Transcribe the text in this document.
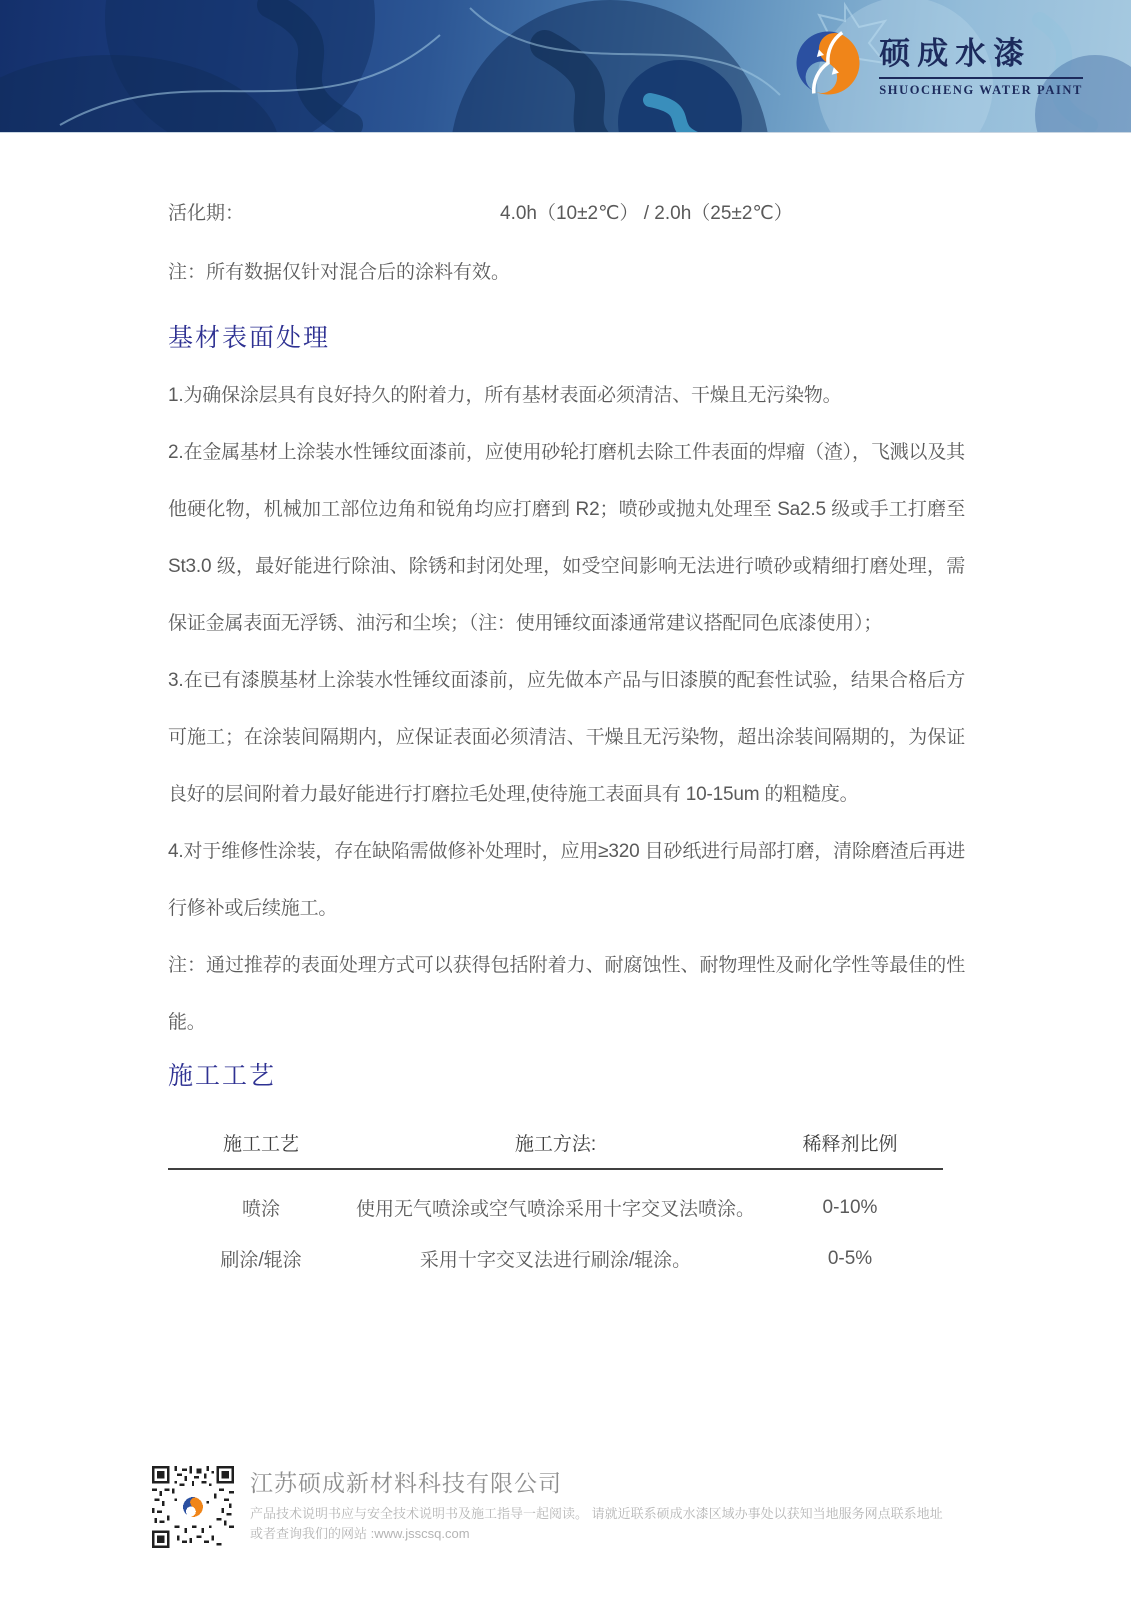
硕成水漆
SHUOCHENG WATER PAINT
活化期：	4.0h（10±2℃） / 2.0h（25±2℃）
注：所有数据仅针对混合后的涂料有效。
基材表面处理

1.为确保涂层具有良好持久的附着力，所有基材表面必须清洁、干燥且无污染物。

2.在金属基材上涂装水性锤纹面漆前，应使用砂轮打磨机去除工件表面的焊瘤（渣），飞溅以及其他硬化物，机械加工部位边角和锐角均应打磨到 R2；喷砂或抛丸处理至 Sa2.5 级或手工打磨至 St3.0 级，最好能进行除油、除锈和封闭处理，如受空间影响无法进行喷砂或精细打磨处理，需保证金属表面无浮锈、油污和尘埃；（注：使用锤纹面漆通常建议搭配同色底漆使用）；

3.在已有漆膜基材上涂装水性锤纹面漆前，应先做本产品与旧漆膜的配套性试验，结果合格后方可施工；在涂装间隔期内，应保证表面必须清洁、干燥且无污染物，超出涂装间隔期的，为保证良好的层间附着力最好能进行打磨拉毛处理,使待施工表面具有 10-15um 的粗糙度。

4.对于维修性涂装，存在缺陷需做修补处理时，应用≥320 目砂纸进行局部打磨，清除磨渣后再进行修补或后续施工。

注：通过推荐的表面处理方式可以获得包括附着力、耐腐蚀性、耐物理性及耐化学性等最佳的性能。

施工工艺
施工工艺	施工方法:	稀释剂比例
喷涂	使用无气喷涂或空气喷涂采用十字交叉法喷涂。	0-10%
刷涂/辊涂	采用十字交叉法进行刷涂/辊涂。	0-5%
江苏硕成新材料科技有限公司
产品技术说明书应与安全技术说明书及施工指导一起阅读。 请就近联系硕成水漆区域办事处以获知当地服务网点联系地址
或者查询我们的网站 :www.jsscsq.com
